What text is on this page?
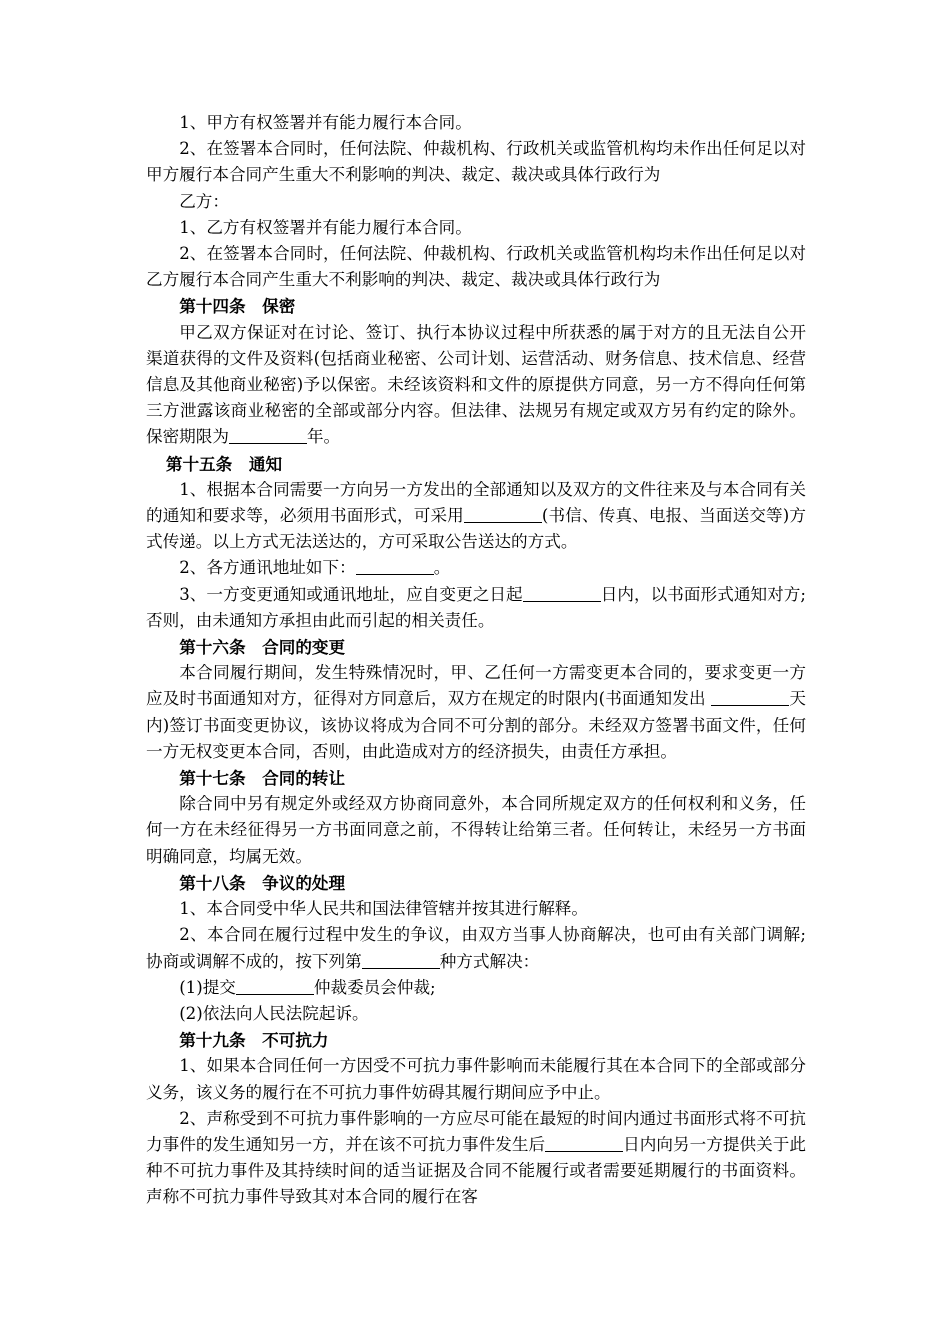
1、甲方有权签署并有能力履行本合同。

2、在签署本合同时，任何法院、仲裁机构、行政机关或监管机构均未作出任何足以对甲方履行本合同产生重大不利影响的判决、裁定、裁决或具体行政行为

乙方：

1、乙方有权签署并有能力履行本合同。

2、在签署本合同时，任何法院、仲裁机构、行政机关或监管机构均未作出任何足以对乙方履行本合同产生重大不利影响的判决、裁定、裁决或具体行政行为

第十四条　保密

甲乙双方保证对在讨论、签订、执行本协议过程中所获悉的属于对方的且无法自公开渠道获得的文件及资料(包括商业秘密、公司计划、运营活动、财务信息、技术信息、经营信息及其他商业秘密)予以保密。未经该资料和文件的原提供方同意，另一方不得向任何第三方泄露该商业秘密的全部或部分内容。但法律、法规另有规定或双方另有约定的除外。保密期限为	年。

第十五条　通知

1、根据本合同需要一方向另一方发出的全部通知以及双方的文件往来及与本合同有关的通知和要求等，必须用书面形式，可采用	(书信、传真、电报、当面送交等)方式传递。以上方式无法送达的，方可采取公告送达的方式。

2、各方通讯地址如下：	。

3、一方变更通知或通讯地址，应自变更之日起	日内，以书面形式通知对方;否则，由未通知方承担由此而引起的相关责任。

第十六条　合同的变更

本合同履行期间，发生特殊情况时，甲、乙任何一方需变更本合同的，要求变更一方应及时书面通知对方，征得对方同意后，双方在规定的时限内(书面通知发出	天内)签订书面变更协议，该协议将成为合同不可分割的部分。未经双方签署书面文件，任何一方无权变更本合同，否则，由此造成对方的经济损失，由责任方承担。

第十七条　合同的转让

除合同中另有规定外或经双方协商同意外，本合同所规定双方的任何权利和义务，任何一方在未经征得另一方书面同意之前，不得转让给第三者。任何转让，未经另一方书面明确同意，均属无效。

第十八条　争议的处理

1、本合同受中华人民共和国法律管辖并按其进行解释。

2、本合同在履行过程中发生的争议，由双方当事人协商解决，也可由有关部门调解;协商或调解不成的，按下列第	种方式解决：

(1)提交	仲裁委员会仲裁;

(2)依法向人民法院起诉。

第十九条　不可抗力

1、如果本合同任何一方因受不可抗力事件影响而未能履行其在本合同下的全部或部分义务，该义务的履行在不可抗力事件妨碍其履行期间应予中止。

2、声称受到不可抗力事件影响的一方应尽可能在最短的时间内通过书面形式将不可抗力事件的发生通知另一方，并在该不可抗力事件发生后	日内向另一方提供关于此种不可抗力事件及其持续时间的适当证据及合同不能履行或者需要延期履行的书面资料。声称不可抗力事件导致其对本合同的履行在客
